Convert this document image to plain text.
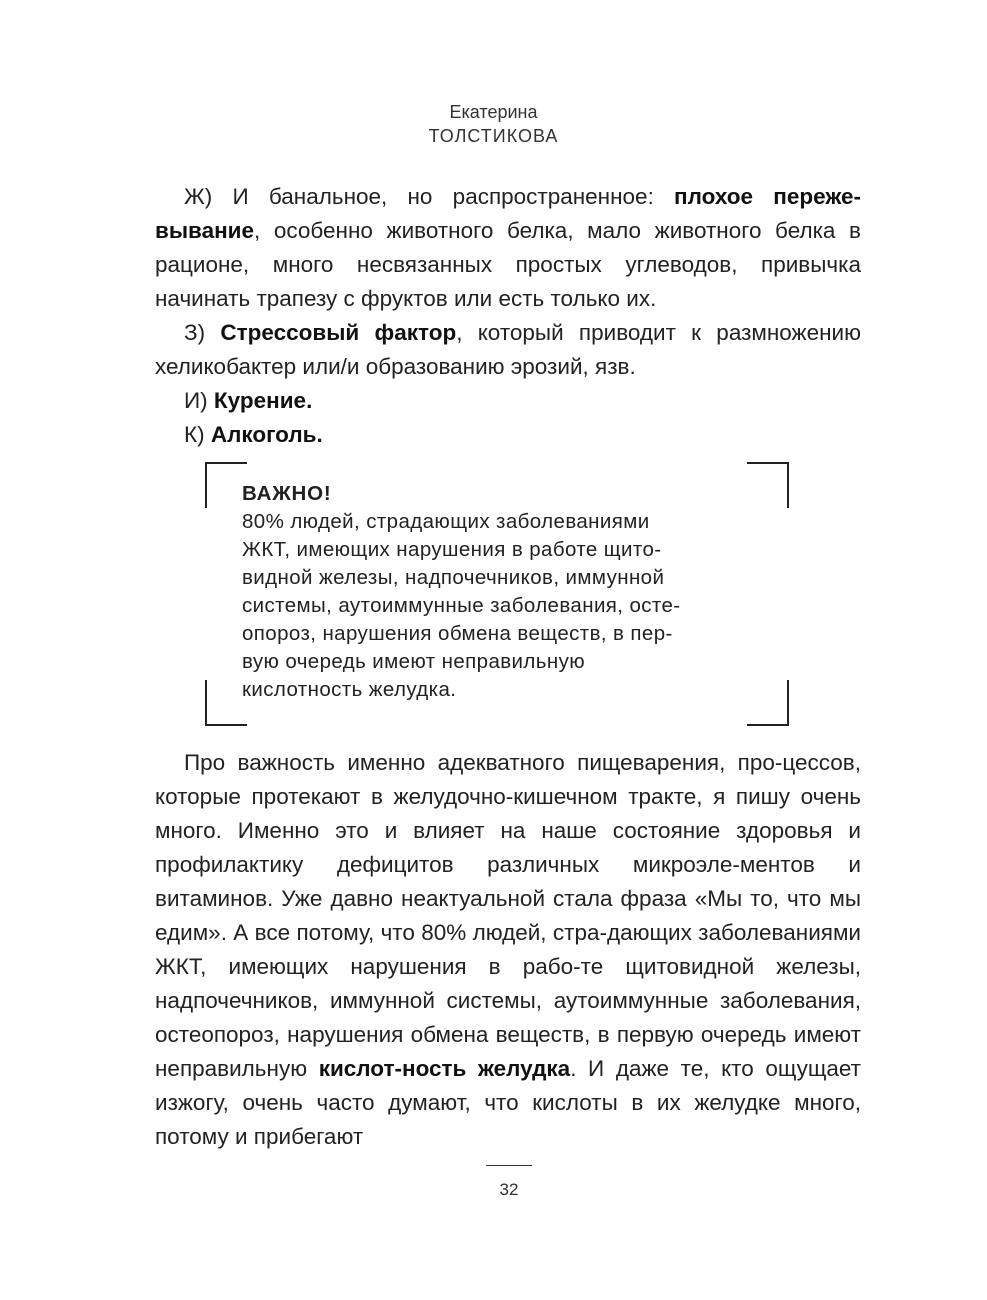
Екатерина
ТОЛСТИКОВА

Ж) И банальное, но распространенное: плохое переже-вывание, особенно животного белка, мало животного белка в рационе, много несвязанных простых углеводов, привычка начинать трапезу с фруктов или есть только их.

З) Стрессовый фактор, который приводит к размножению хеликобактер или/и образованию эрозий, язв.

И) Курение.

К) Алкоголь.

ВАЖНО!
80% людей, страдающих заболеваниями
ЖКТ, имеющих нарушения в работе щито-
видной железы, надпочечников, иммунной
системы, аутоиммунные заболевания, осте-
опороз, нарушения обмена веществ, в пер-
вую очередь имеют неправильную
кислотность желудка.

Про важность именно адекватного пищеварения, про-цессов, которые протекают в желудочно-кишечном тракте, я пишу очень много. Именно это и влияет на наше состояние здоровья и профилактику дефицитов различных микроэле-ментов и витаминов. Уже давно неактуальной стала фраза «Мы то, что мы едим». А все потому, что 80% людей, стра-дающих заболеваниями ЖКТ, имеющих нарушения в рабо-те щитовидной железы, надпочечников, иммунной системы, аутоиммунные заболевания, остеопороз, нарушения обмена веществ, в первую очередь имеют неправильную кислот-ность желудка. И даже те, кто ощущает изжогу, очень часто думают, что кислоты в их желудке много, потому и прибегают

32
